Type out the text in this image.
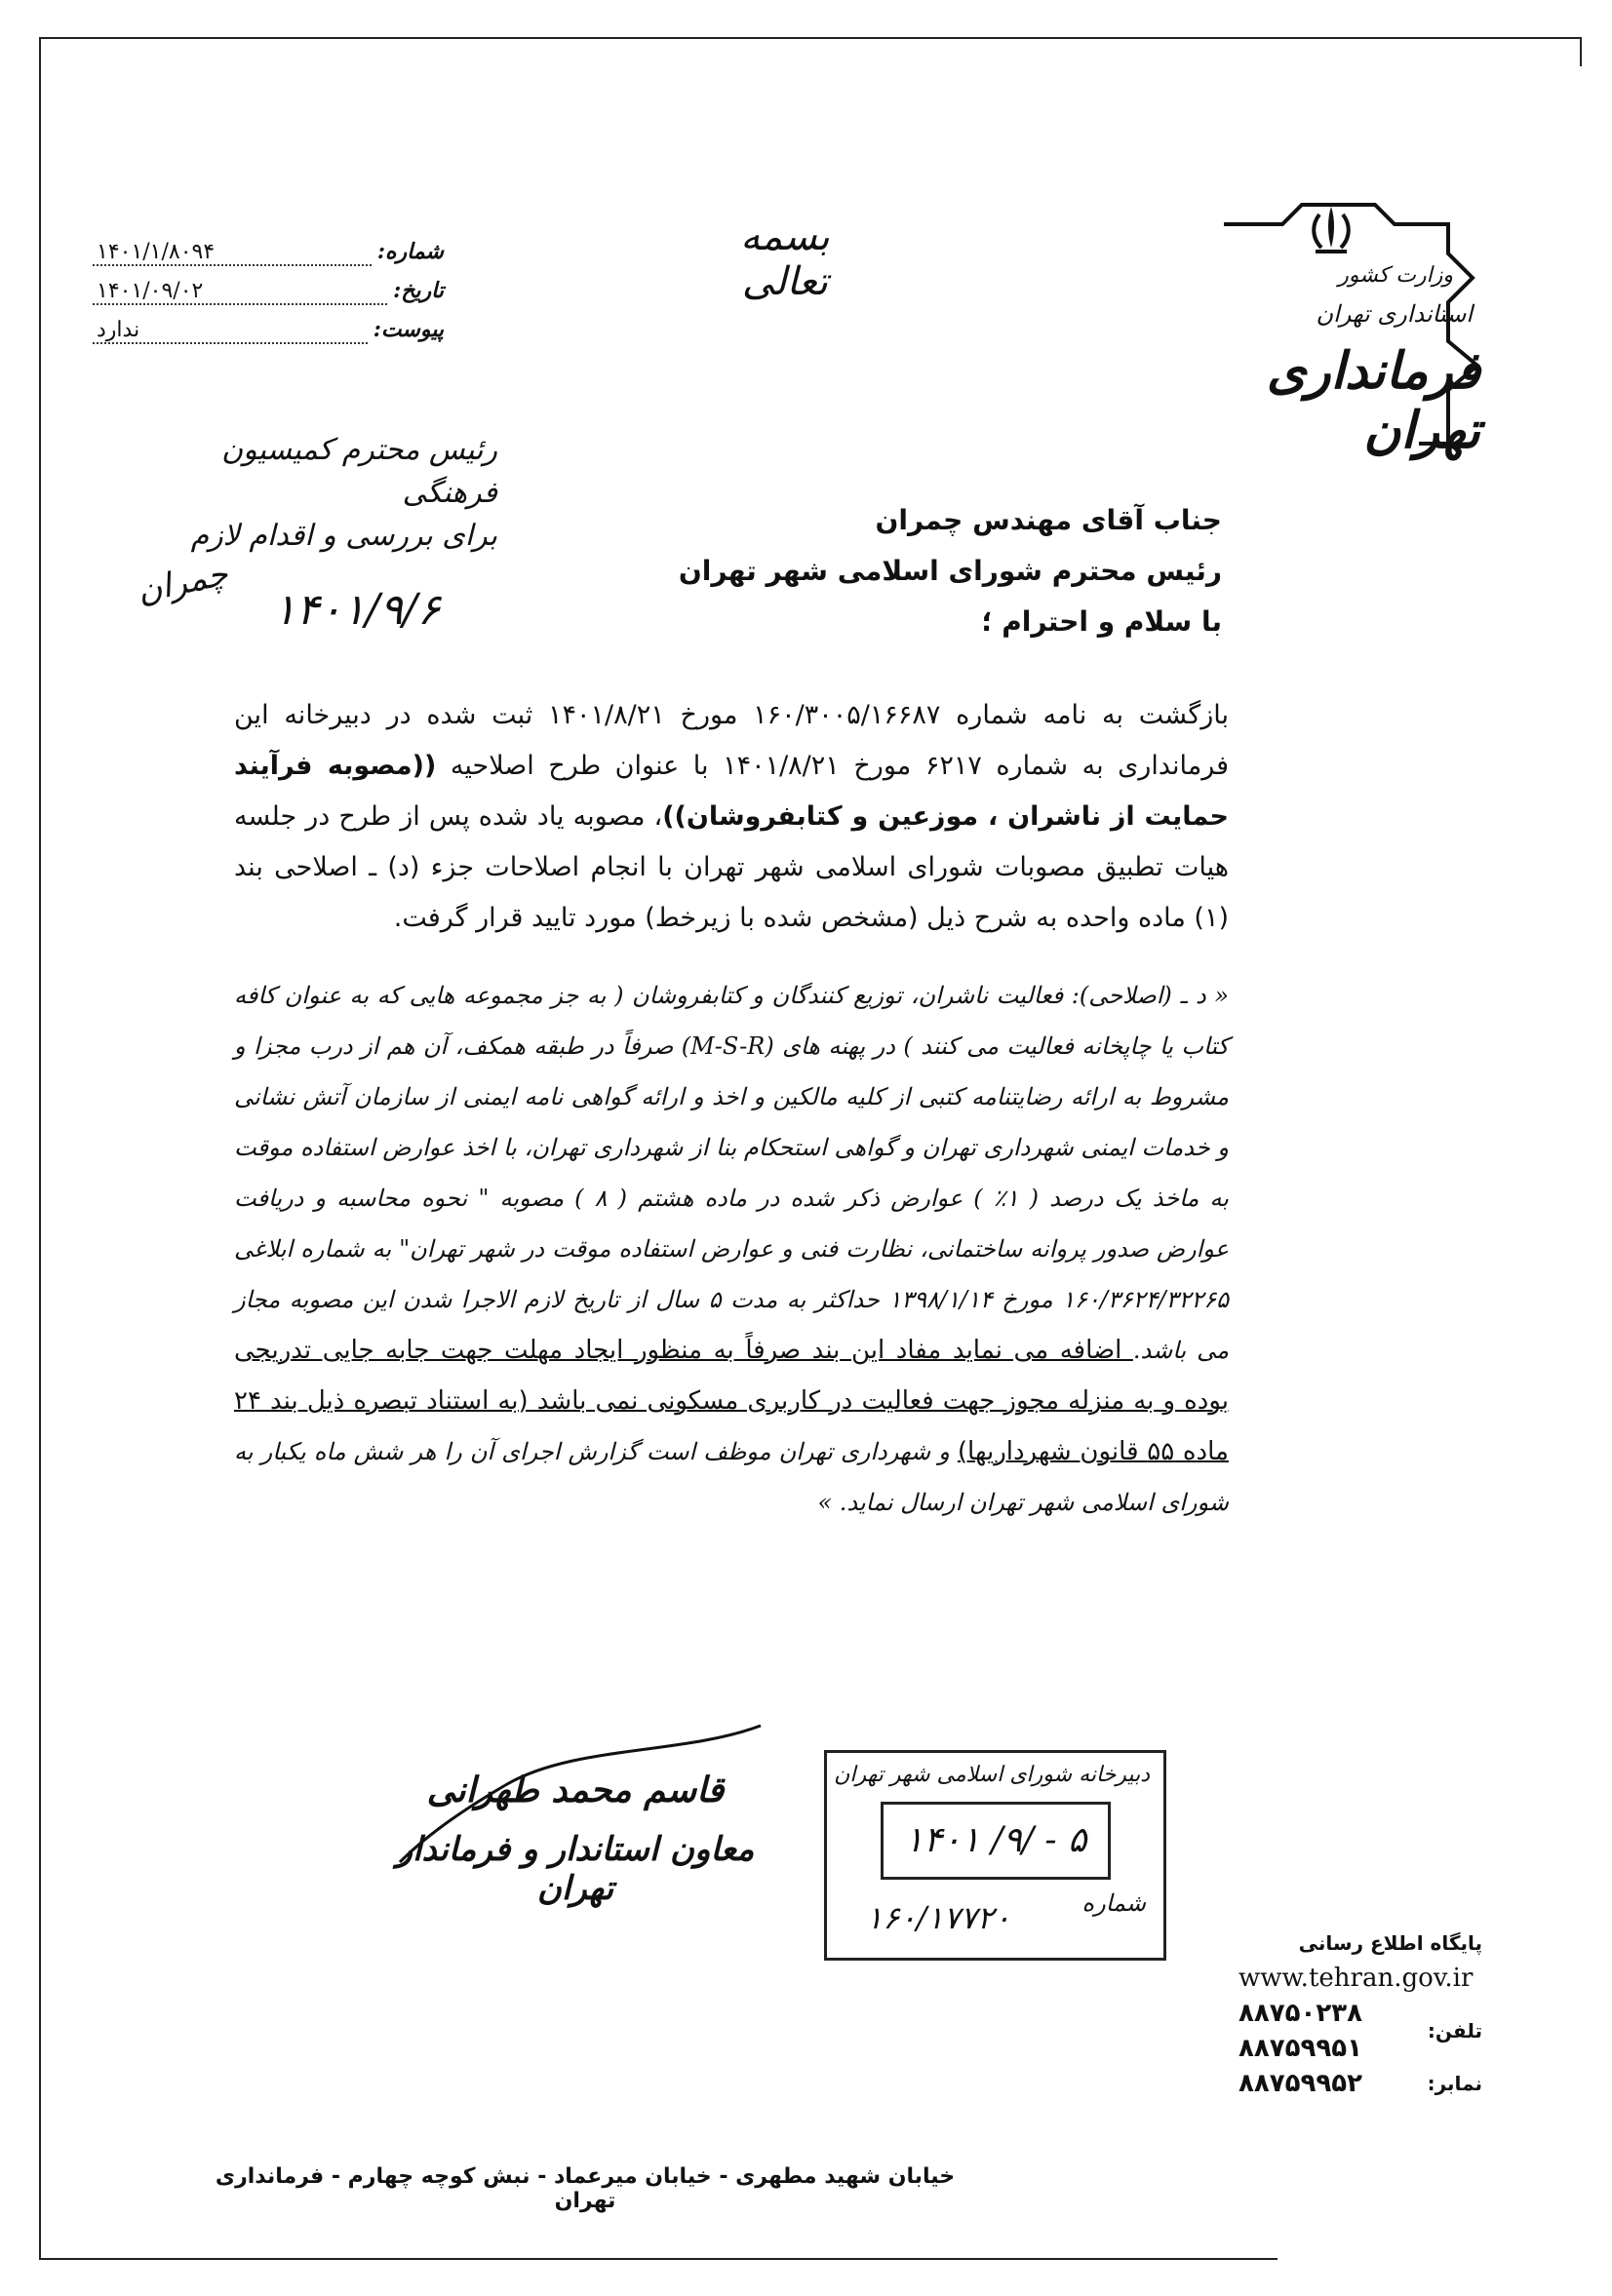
بسمه تعالی
شماره:
۱۴۰۱/۱/۸۰۹۴
تاریخ:
۱۴۰۱/۰۹/۰۲
پیوست:
ندارد
وزارت کشور
استانداری تهران
فرمانداری تهران
رئیس محترم کمیسیون فرهنگی
برای بررسی و اقدام لازم
چمران ۱۴۰۱/۹/۶
جناب آقای مهندس چمران
رئیس محترم شورای اسلامی شهر تهران
با سلام و احترام ؛
بازگشت به نامه شماره ۱۶۰/۳۰۰۵/۱۶۶۸۷ مورخ ۱۴۰۱/۸/۲۱ ثبت شده در دبیرخانه این فرمانداری به شماره ۶۲۱۷ مورخ ۱۴۰۱/۸/۲۱ با عنوان طرح اصلاحیه ((مصوبه فرآیند حمایت از ناشران ، موزعین و کتابفروشان))، مصوبه یاد شده پس از طرح در جلسه هیات تطبیق مصوبات شورای اسلامی شهر تهران با انجام اصلاحات جزء (د) ـ اصلاحی بند (۱) ماده واحده به شرح ذیل (مشخص شده با زیرخط) مورد تایید قرار گرفت.
« د ـ (اصلاحی): فعالیت ناشران، توزیع کنندگان و کتابفروشان ( به جز مجموعه هایی که به عنوان کافه کتاب یا چاپخانه فعالیت می کنند ) در پهنه های (M-S-R) صرفاً در طبقه همکف، آن هم از درب مجزا و مشروط به ارائه رضایتنامه کتبی از کلیه مالکین و اخذ و ارائه گواهی نامه ایمنی از سازمان آتش نشانی و خدمات ایمنی شهرداری تهران و گواهی استحکام بنا از شهرداری تهران، با اخذ عوارض استفاده موقت به ماخذ یک درصد ( ۱٪ ) عوارض ذکر شده در ماده هشتم ( ۸ ) مصوبه " نحوه محاسبه و دریافت عوارض صدور پروانه ساختمانی، نظارت فنی و عوارض استفاده موقت در شهر تهران" به شماره ابلاغی ۱۶۰/۳۶۲۴/۳۲۲۶۵ مورخ ۱۳۹۸/۱/۱۴ حداکثر به مدت ۵ سال از تاریخ لازم الاجرا شدن این مصوبه مجاز می باشد. اضافه می نماید مفاد این بند صرفاً به منظور ایجاد مهلت جهت جابه جایی تدریجی بوده و به منزله مجوز جهت فعالیت در کاربری مسکونی نمی باشد (به استناد تبصره ذیل بند ۲۴ ماده ۵۵ قانون شهرداریها) و شهرداری تهران موظف است گزارش اجرای آن را هر شش ماه یکبار به شورای اسلامی شهر تهران ارسال نماید. »
قاسم محمد طهرانی
معاون استاندار و فرماندار تهران
دبیرخانه شورای اسلامی شهر تهران
۱۴۰۱ /۹/ - ۵
شماره
۱۶۰/۱۷۷۲۰
پایگاه اطلاع رسانی
www.tehran.gov.ir
تلفن:
۸۸۷۵۰۲۳۸
۸۸۷۵۹۹۵۱
نمابر:
۸۸۷۵۹۹۵۲
خیابان شهید مطهری - خیابان میرعماد - نبش کوچه چهارم - فرمانداری تهران
